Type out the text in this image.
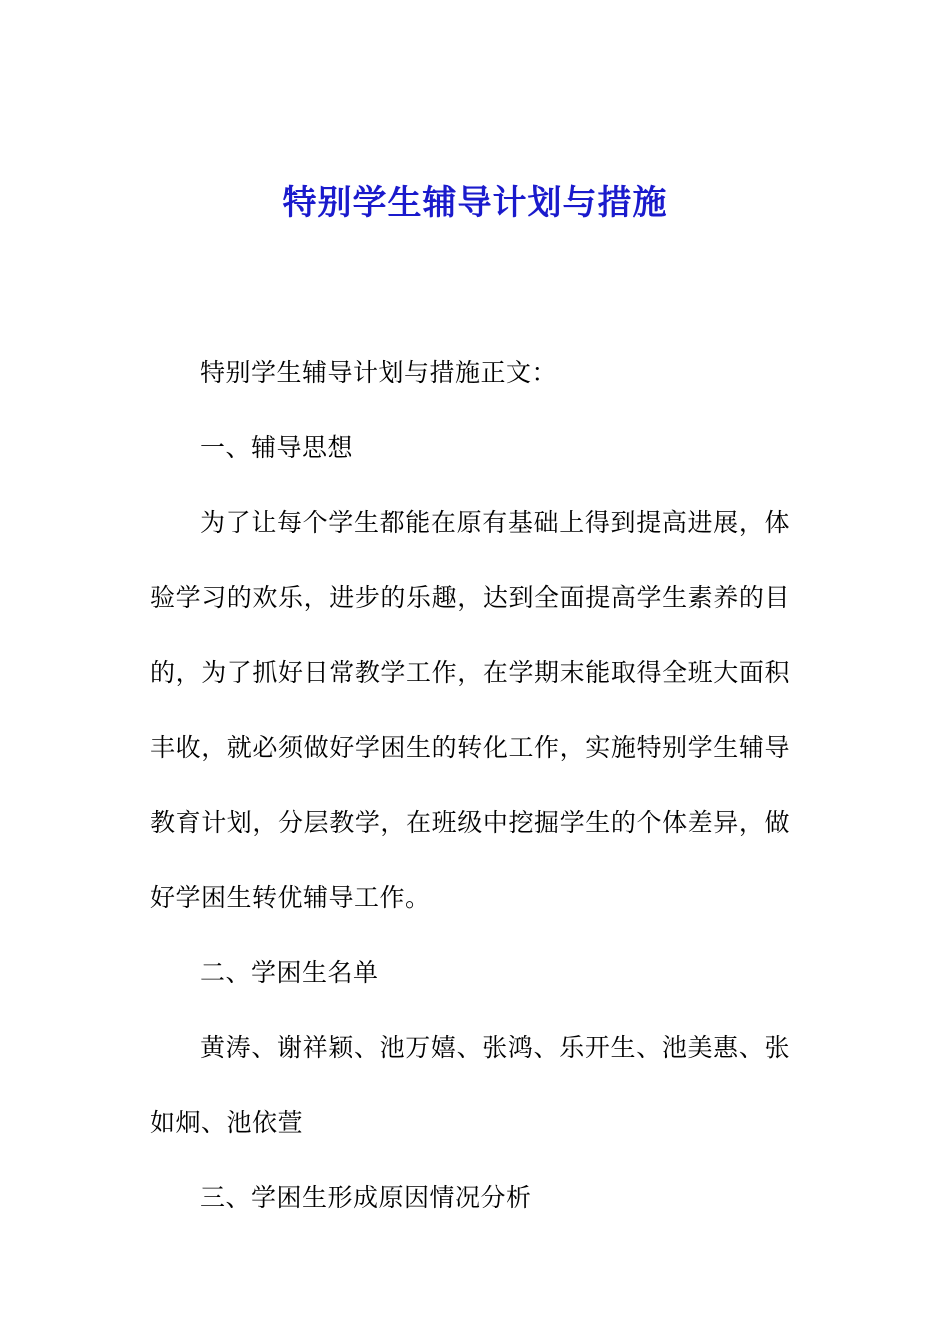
特别学生辅导计划与措施

特别学生辅导计划与措施正文：

一、辅导思想

为了让每个学生都能在原有基础上得到提高进展，体验学习的欢乐，进步的乐趣，达到全面提高学生素养的目的，为了抓好日常教学工作，在学期末能取得全班大面积丰收，就必须做好学困生的转化工作，实施特别学生辅导教育计划，分层教学，在班级中挖掘学生的个体差异，做好学困生转优辅导工作。

二、学困生名单

黄涛、谢祥颖、池万嬉、张鸿、乐开生、池美惠、张如炯、池依萱

三、学困生形成原因情况分析
